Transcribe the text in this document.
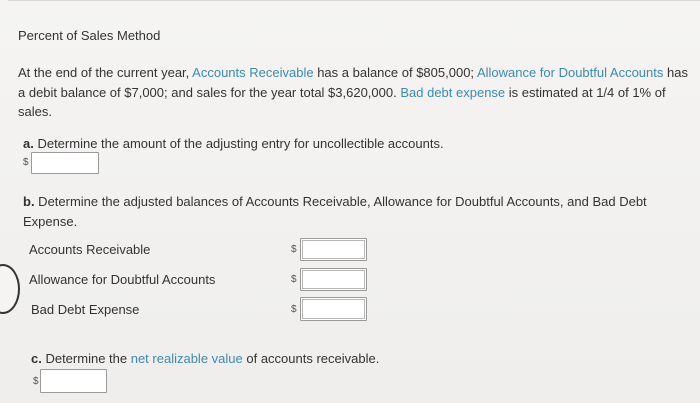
Percent of Sales Method
At the end of the current year, Accounts Receivable has a balance of $805,000; Allowance for Doubtful Accounts has a debit balance of $7,000; and sales for the year total $3,620,000. Bad debt expense is estimated at 1/4 of 1% of sales.
a. Determine the amount of the adjusting entry for uncollectible accounts.
$
b. Determine the adjusted balances of Accounts Receivable, Allowance for Doubtful Accounts, and Bad Debt Expense.
Accounts Receivable	$
Allowance for Doubtful Accounts	$
Bad Debt Expense	$
c. Determine the net realizable value of accounts receivable.
$
